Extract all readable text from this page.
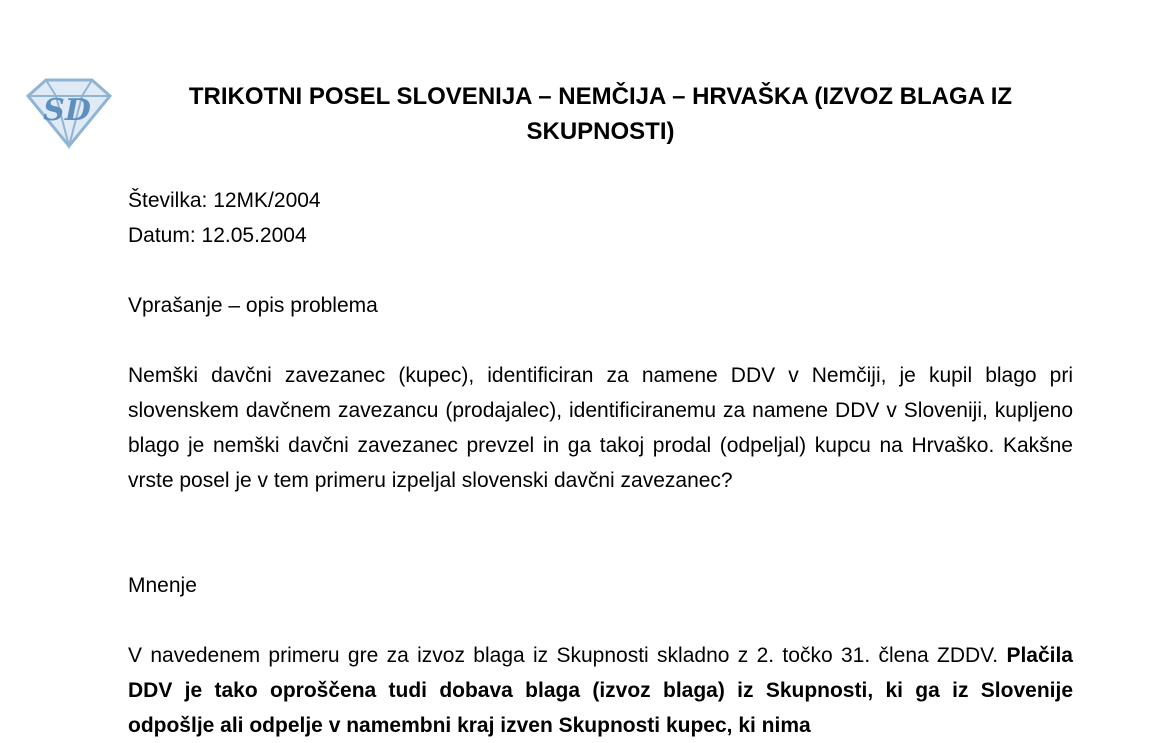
SD	TRIKOTNI POSEL SLOVENIJA – NEMČIJA – HRVAŠKA (IZVOZ BLAGA IZ SKUPNOSTI)
Številka: 12MK/2004
Datum: 12.05.2004
Vprašanje – opis problema
Nemški davčni zavezanec (kupec), identificiran za namene DDV v Nemčiji, je kupil blago pri slovenskem davčnem zavezancu (prodajalec), identificiranemu za namene DDV v Sloveniji, kupljeno blago je nemški davčni zavezanec prevzel in ga takoj prodal (odpeljal) kupcu na Hrvaško. Kakšne vrste posel je v tem primeru izpeljal slovenski davčni zavezanec?
Mnenje
V navedenem primeru gre za izvoz blaga iz Skupnosti skladno z 2. točko 31. člena ZDDV. Plačila DDV je tako oproščena tudi dobava blaga (izvoz blaga) iz Skupnosti, ki ga iz Slovenije odpošlje ali odpelje v namembni kraj izven Skupnosti kupec, ki nima
